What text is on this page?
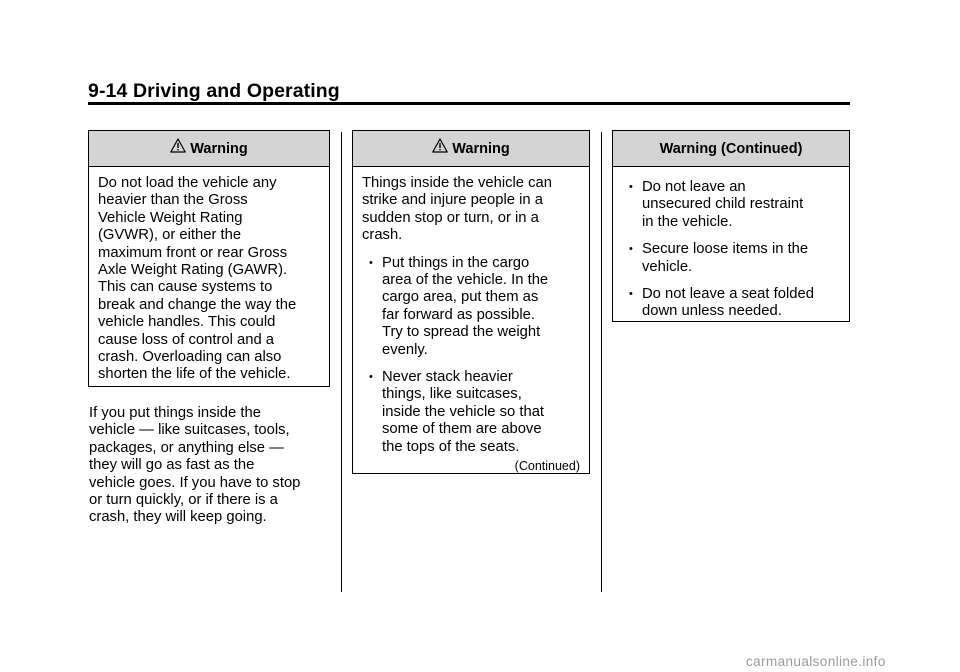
9-14 Driving and Operating
Warning

Do not load the vehicle any
heavier than the Gross
Vehicle Weight Rating
(GVWR), or either the
maximum front or rear Gross
Axle Weight Rating (GAWR).
This can cause systems to
break and change the way the
vehicle handles. This could
cause loss of control and a
crash. Overloading can also
shorten the life of the vehicle.

If you put things inside the
vehicle — like suitcases, tools,
packages, or anything else —
they will go as fast as the
vehicle goes. If you have to stop
or turn quickly, or if there is a
crash, they will keep going.

Warning

Things inside the vehicle can
strike and injure people in a
sudden stop or turn, or in a
crash.

• Put things in the cargo
area of the vehicle. In the
cargo area, put them as
far forward as possible.
Try to spread the weight
evenly.
• Never stack heavier
things, like suitcases,
inside the vehicle so that
some of them are above
the tops of the seats.
(Continued)
Warning (Continued)
• Do not leave an
unsecured child restraint
in the vehicle.
• Secure loose items in the
vehicle.
• Do not leave a seat folded
down unless needed.
carmanualsonline.info
